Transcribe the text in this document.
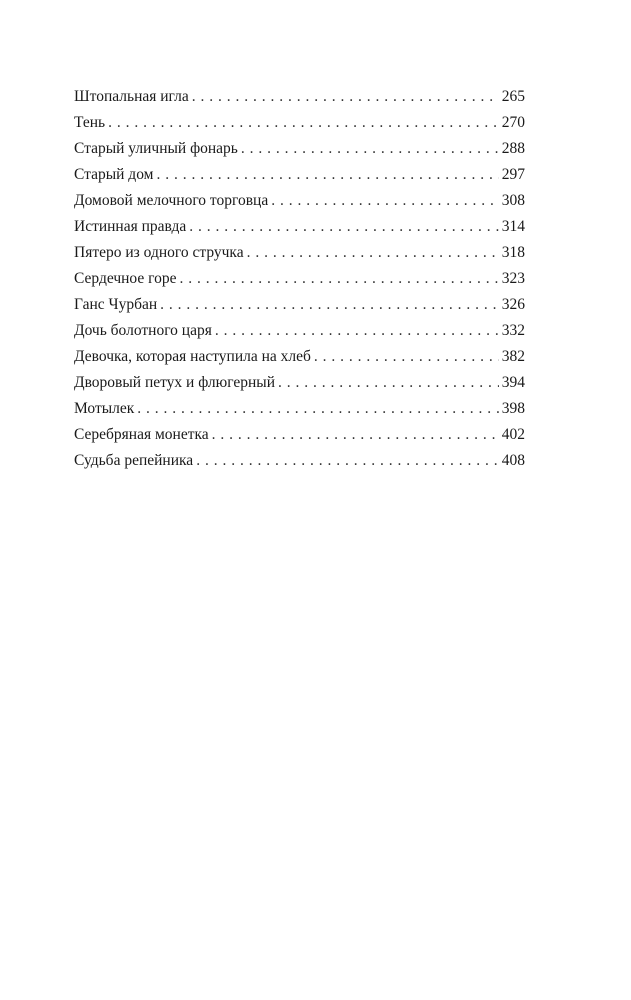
Штопальная игла . . .	265
Тень . . .	270
Старый уличный фонарь . . .	288
Старый дом . . .	297
Домовой мелочного торговца . . .	308
Истинная правда . . .	314
Пятеро из одного стручка . . .	318
Сердечное горе . . .	323
Ганс Чурбан . . .	326
Дочь болотного царя . . .	332
Девочка, которая наступила на хлеб . . .	382
Дворовый петух и флюгерный . . .	394
Мотылек . . .	398
Серебряная монетка . . .	402
Судьба репейника . . .	408
